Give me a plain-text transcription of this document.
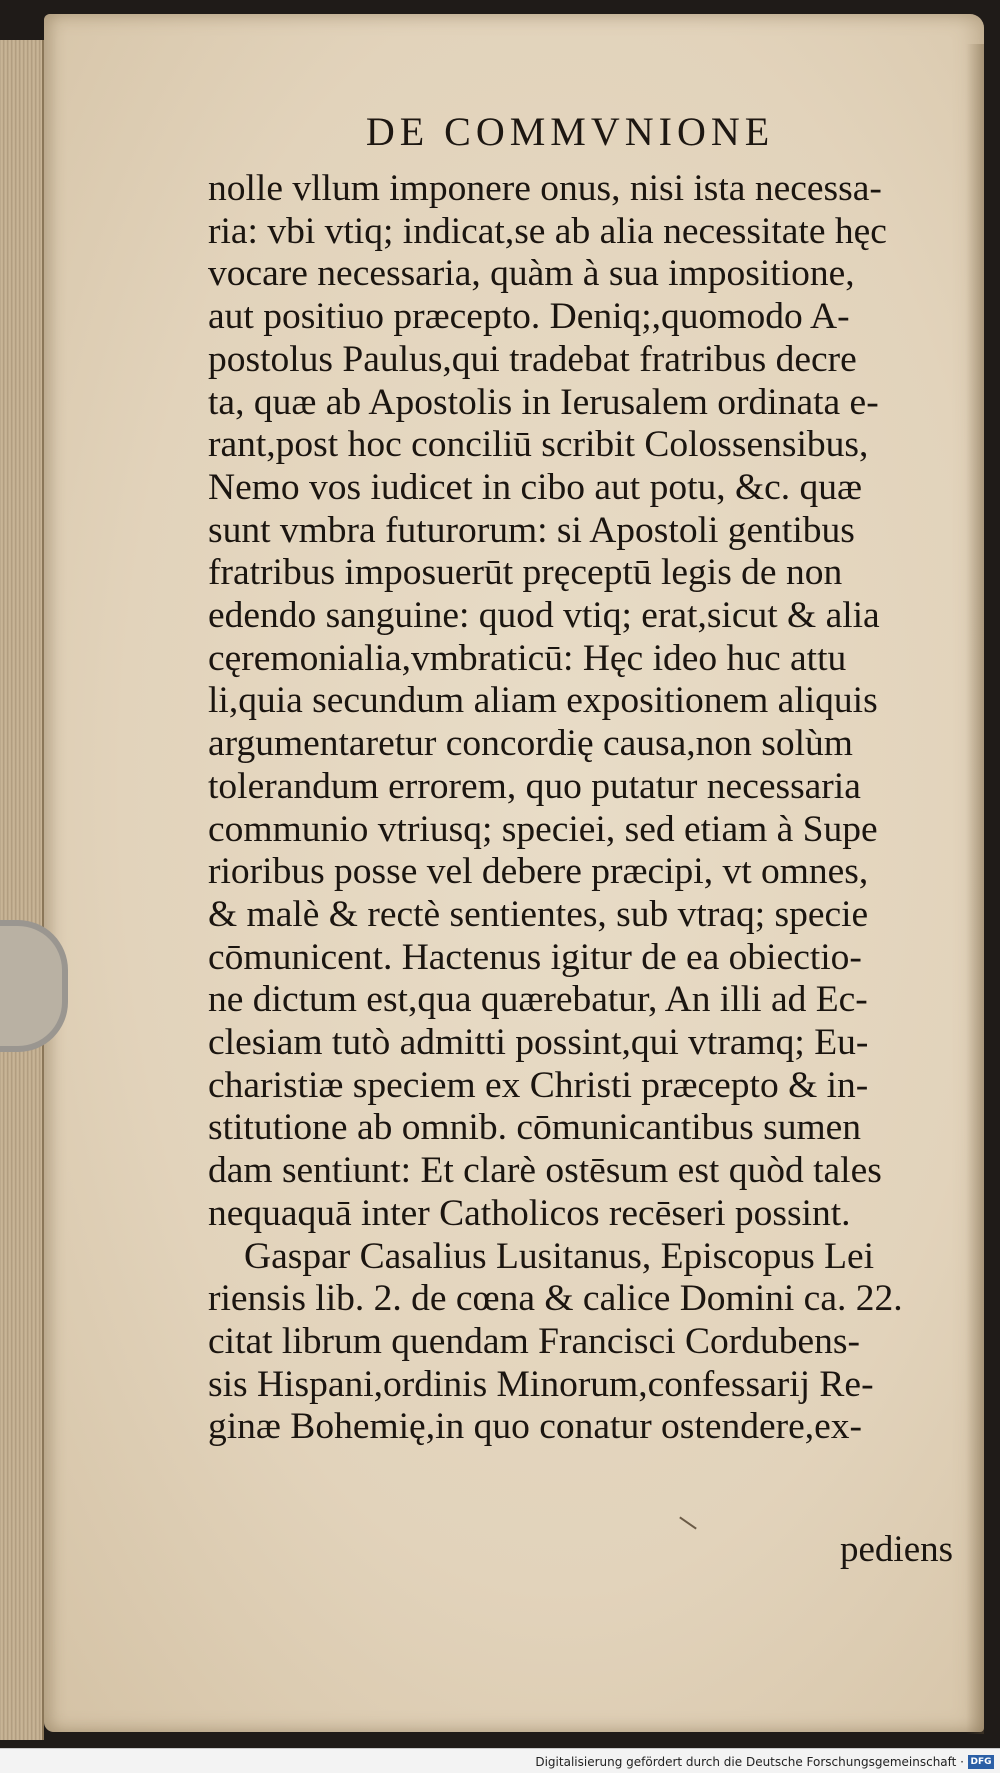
DE COMMVNIONE
nolle vllum imponere onus, nisi ista necessa-
ria: vbi vtiq; indicat,se ab alia necessitate hęc
vocare necessaria, quàm à sua impositione,
aut positiuo præcepto. Deniq;,quomodo A-
postolus Paulus,qui tradebat fratribus decre
ta, quæ ab Apostolis in Ierusalem ordinata e-
rant,post hoc conciliū scribit Colossensibus,
Nemo vos iudicet in cibo aut potu, &c. quæ
sunt vmbra futurorum: si Apostoli gentibus
fratribus imposuerūt pręceptū legis de non
edendo sanguine: quod vtiq; erat,sicut & alia
cęremonialia,vmbraticū: Hęc ideo huc attu
li,quia secundum aliam expositionem aliquis
argumentaretur concordię causa,non solùm
tolerandum errorem, quo putatur necessaria
communio vtriusq; speciei, sed etiam à Supe
rioribus posse vel debere præcipi, vt omnes,
& malè & rectè sentientes, sub vtraq; specie
cōmunicent. Hactenus igitur de ea obiectio-
ne dictum est,qua quærebatur, An illi ad Ec-
clesiam tutò admitti possint,qui vtramq; Eu-
charistiæ speciem ex Christi præcepto & in-
stitutione ab omnib. cōmunicantibus sumen
dam sentiunt: Et clarè ostēsum est quòd tales
nequaquā inter Catholicos recēseri possint.
Gaspar Casalius Lusitanus, Episcopus Lei
riensis lib. 2. de cœna & calice Domini ca. 22.
citat librum quendam Francisci Cordubens-
sis Hispani,ordinis Minorum,confessarij Re-
ginæ Bohemię,in quo conatur ostendere,ex-
pediens
Digitalisierung gefördert durch die Deutsche Forschungsgemeinschaft · DFG
